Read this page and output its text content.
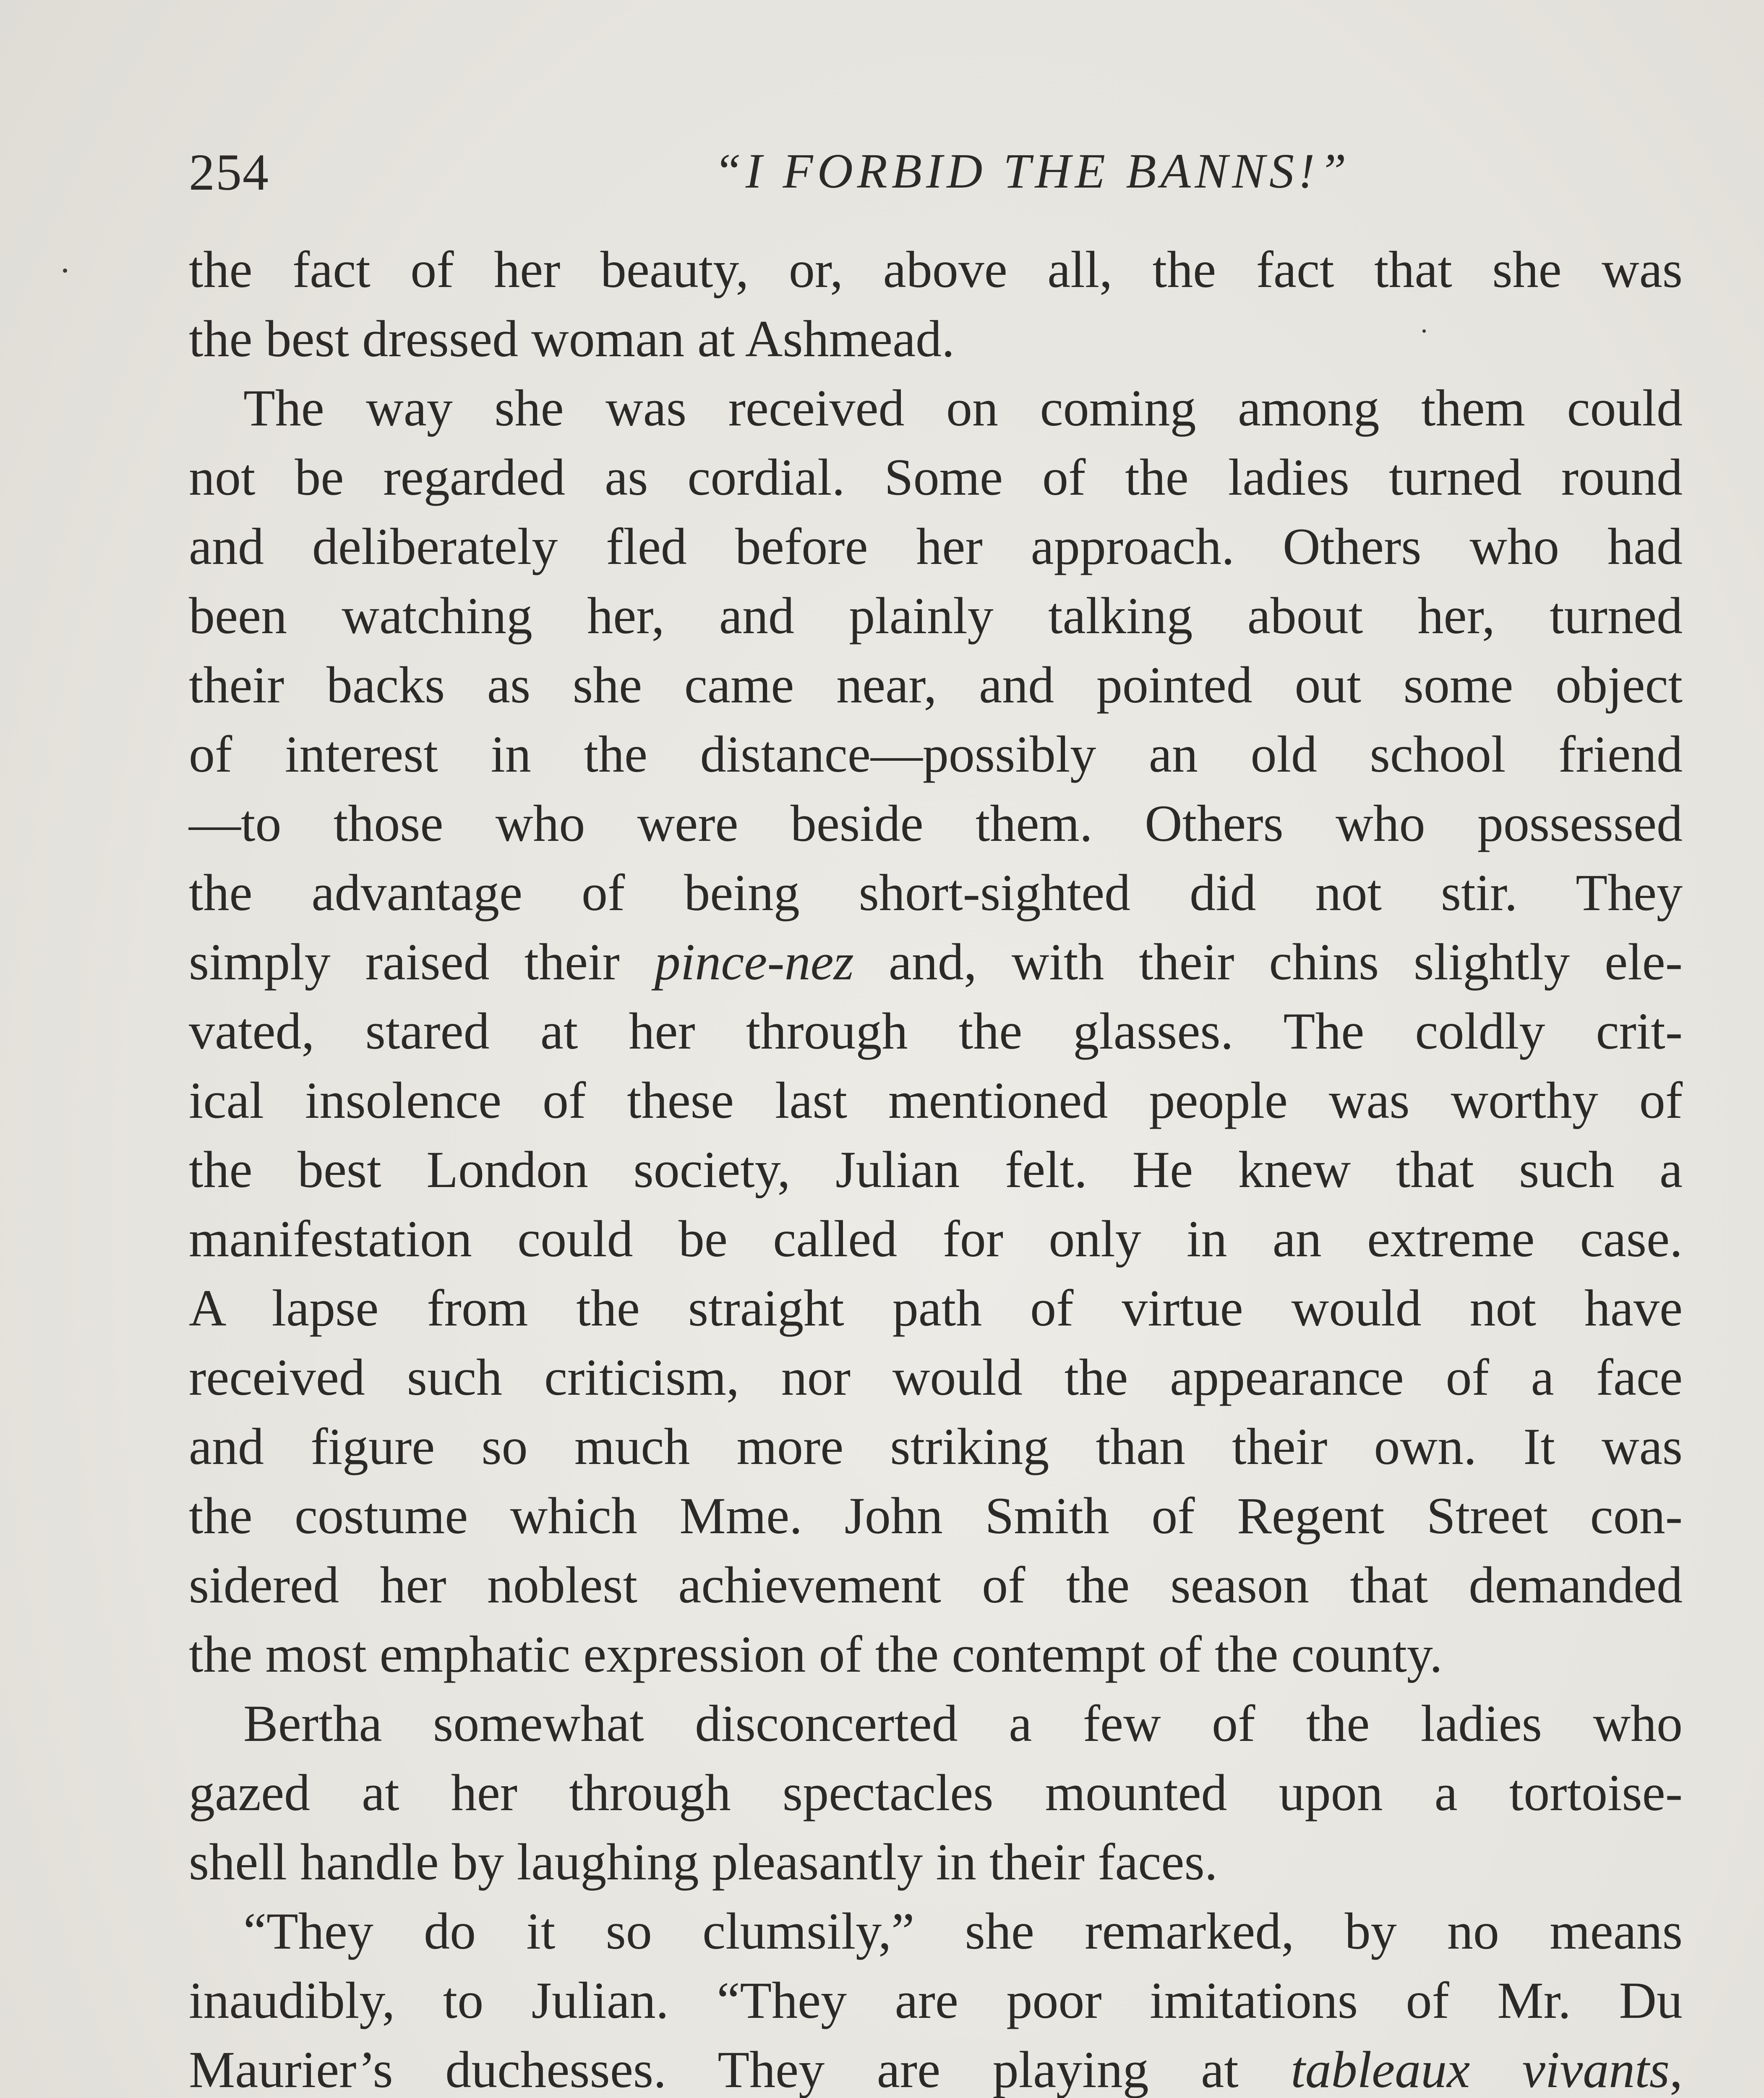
254	“I FORBID THE BANNS!”
the fact of her beauty, or, above all, the fact that she was
the best dressed woman at Ashmead.
The way she was received on coming among them could
not be regarded as cordial. Some of the ladies turned round
and deliberately fled before her approach. Others who had
been watching her, and plainly talking about her, turned
their backs as she came near, and pointed out some object
of interest in the distance—possibly an old school friend
—to those who were beside them. Others who possessed
the advantage of being short-sighted did not stir. They
simply raised their pince-nez and, with their chins slightly ele-
vated, stared at her through the glasses. The coldly crit-
ical insolence of these last mentioned people was worthy of
the best London society, Julian felt. He knew that such a
manifestation could be called for only in an extreme case.
A lapse from the straight path of virtue would not have
received such criticism, nor would the appearance of a face
and figure so much more striking than their own. It was
the costume which Mme. John Smith of Regent Street con-
sidered her noblest achievement of the season that demanded
the most emphatic expression of the contempt of the county.
Bertha somewhat disconcerted a few of the ladies who
gazed at her through spectacles mounted upon a tortoise-
shell handle by laughing pleasantly in their faces.
“They do it so clumsily,” she remarked, by no means
inaudibly, to Julian. “They are poor imitations of Mr. Du
Maurier’s duchesses. They are playing at tableaux vivants,
